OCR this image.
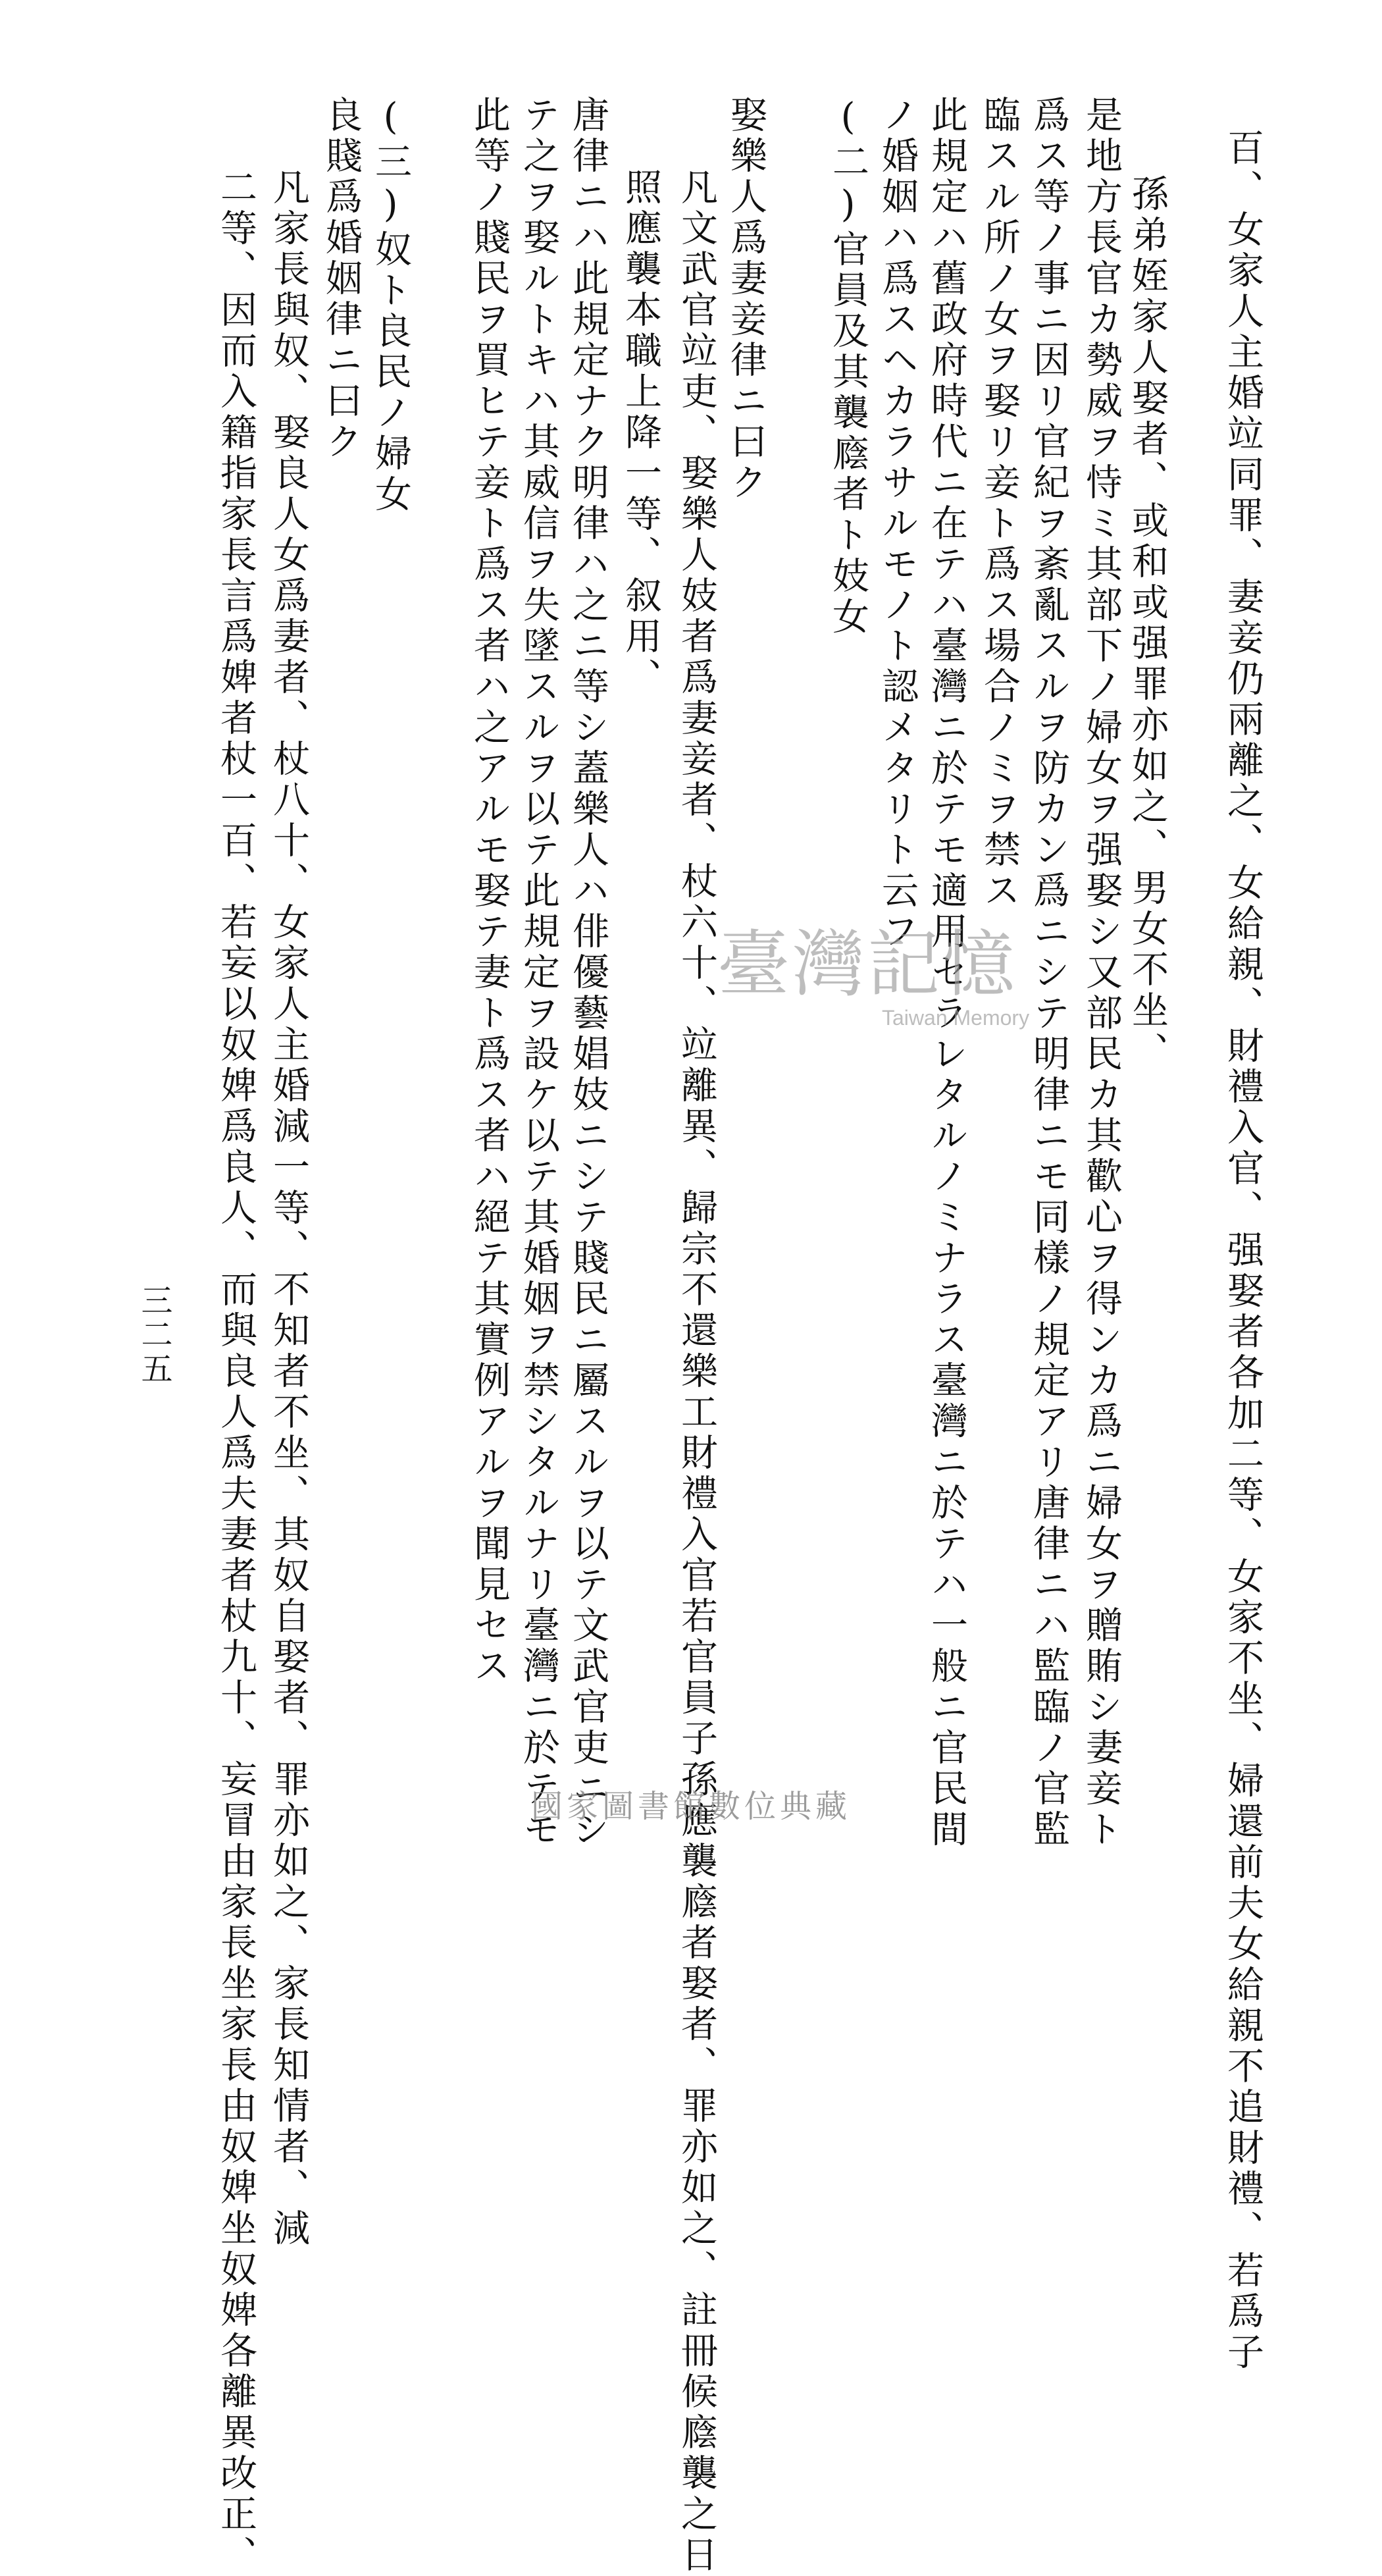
百、女家人主婚竝同罪、妻妾仍兩離之、女給親、財禮入官、强娶者各加二等、女家不坐、婦還前夫女給親不追財禮、若爲子
孫弟姪家人娶者、或和或强罪亦如之、男女不坐、
是地方長官カ勢威ヲ恃ミ其部下ノ婦女ヲ强娶シ又部民カ其歡心ヲ得ンカ爲ニ婦女ヲ贈賄シ妻妾ト
爲ス等ノ事ニ因リ官紀ヲ紊亂スルヲ防カン爲ニシテ明律ニモ同樣ノ規定アリ唐律ニハ監臨ノ官監
臨スル所ノ女ヲ娶リ妾ト爲ス場合ノミヲ禁ス
此規定ハ舊政府時代ニ在テハ臺灣ニ於テモ適用セラレタルノミナラス臺灣ニ於テハ一般ニ官民間
ノ婚姻ハ爲スヘカラサルモノト認メタリト云フ
(二)官員及其襲廕者ト妓女
娶樂人爲妻妾律ニ曰ク
凡文武官竝吏、娶樂人妓者爲妻妾者、杖六十、竝離異、歸宗不還樂工財禮入官若官員子孫應襲廕者娶者、罪亦如之、註冊候廕襲之日
照應襲本職上降一等、叙用、
唐律ニハ此規定ナク明律ハ之ニ等シ蓋樂人ハ俳優藝娼妓ニシテ賤民ニ屬スルヲ以テ文武官吏ニシ
テ之ヲ娶ルトキハ其威信ヲ失墜スルヲ以テ此規定ヲ設ケ以テ其婚姻ヲ禁シタルナリ臺灣ニ於テモ
此等ノ賤民ヲ買ヒテ妾ト爲ス者ハ之アルモ娶テ妻ト爲ス者ハ絕テ其實例アルヲ聞見セス
(三)奴ト良民ノ婦女
良賤爲婚姻律ニ曰ク
凡家長與奴、娶良人女爲妻者、杖八十、女家人主婚減一等、不知者不坐、其奴自娶者、罪亦如之、家長知情者、減
二等、因而入籍指家長言爲婢者杖一百、若妄以奴婢爲良人、而與良人爲夫妻者杖九十、妄冒由家長坐家長由奴婢坐奴婢各離異改正、
三二五
臺灣記憶
Taiwan Memory
國家圖書館數位典藏
